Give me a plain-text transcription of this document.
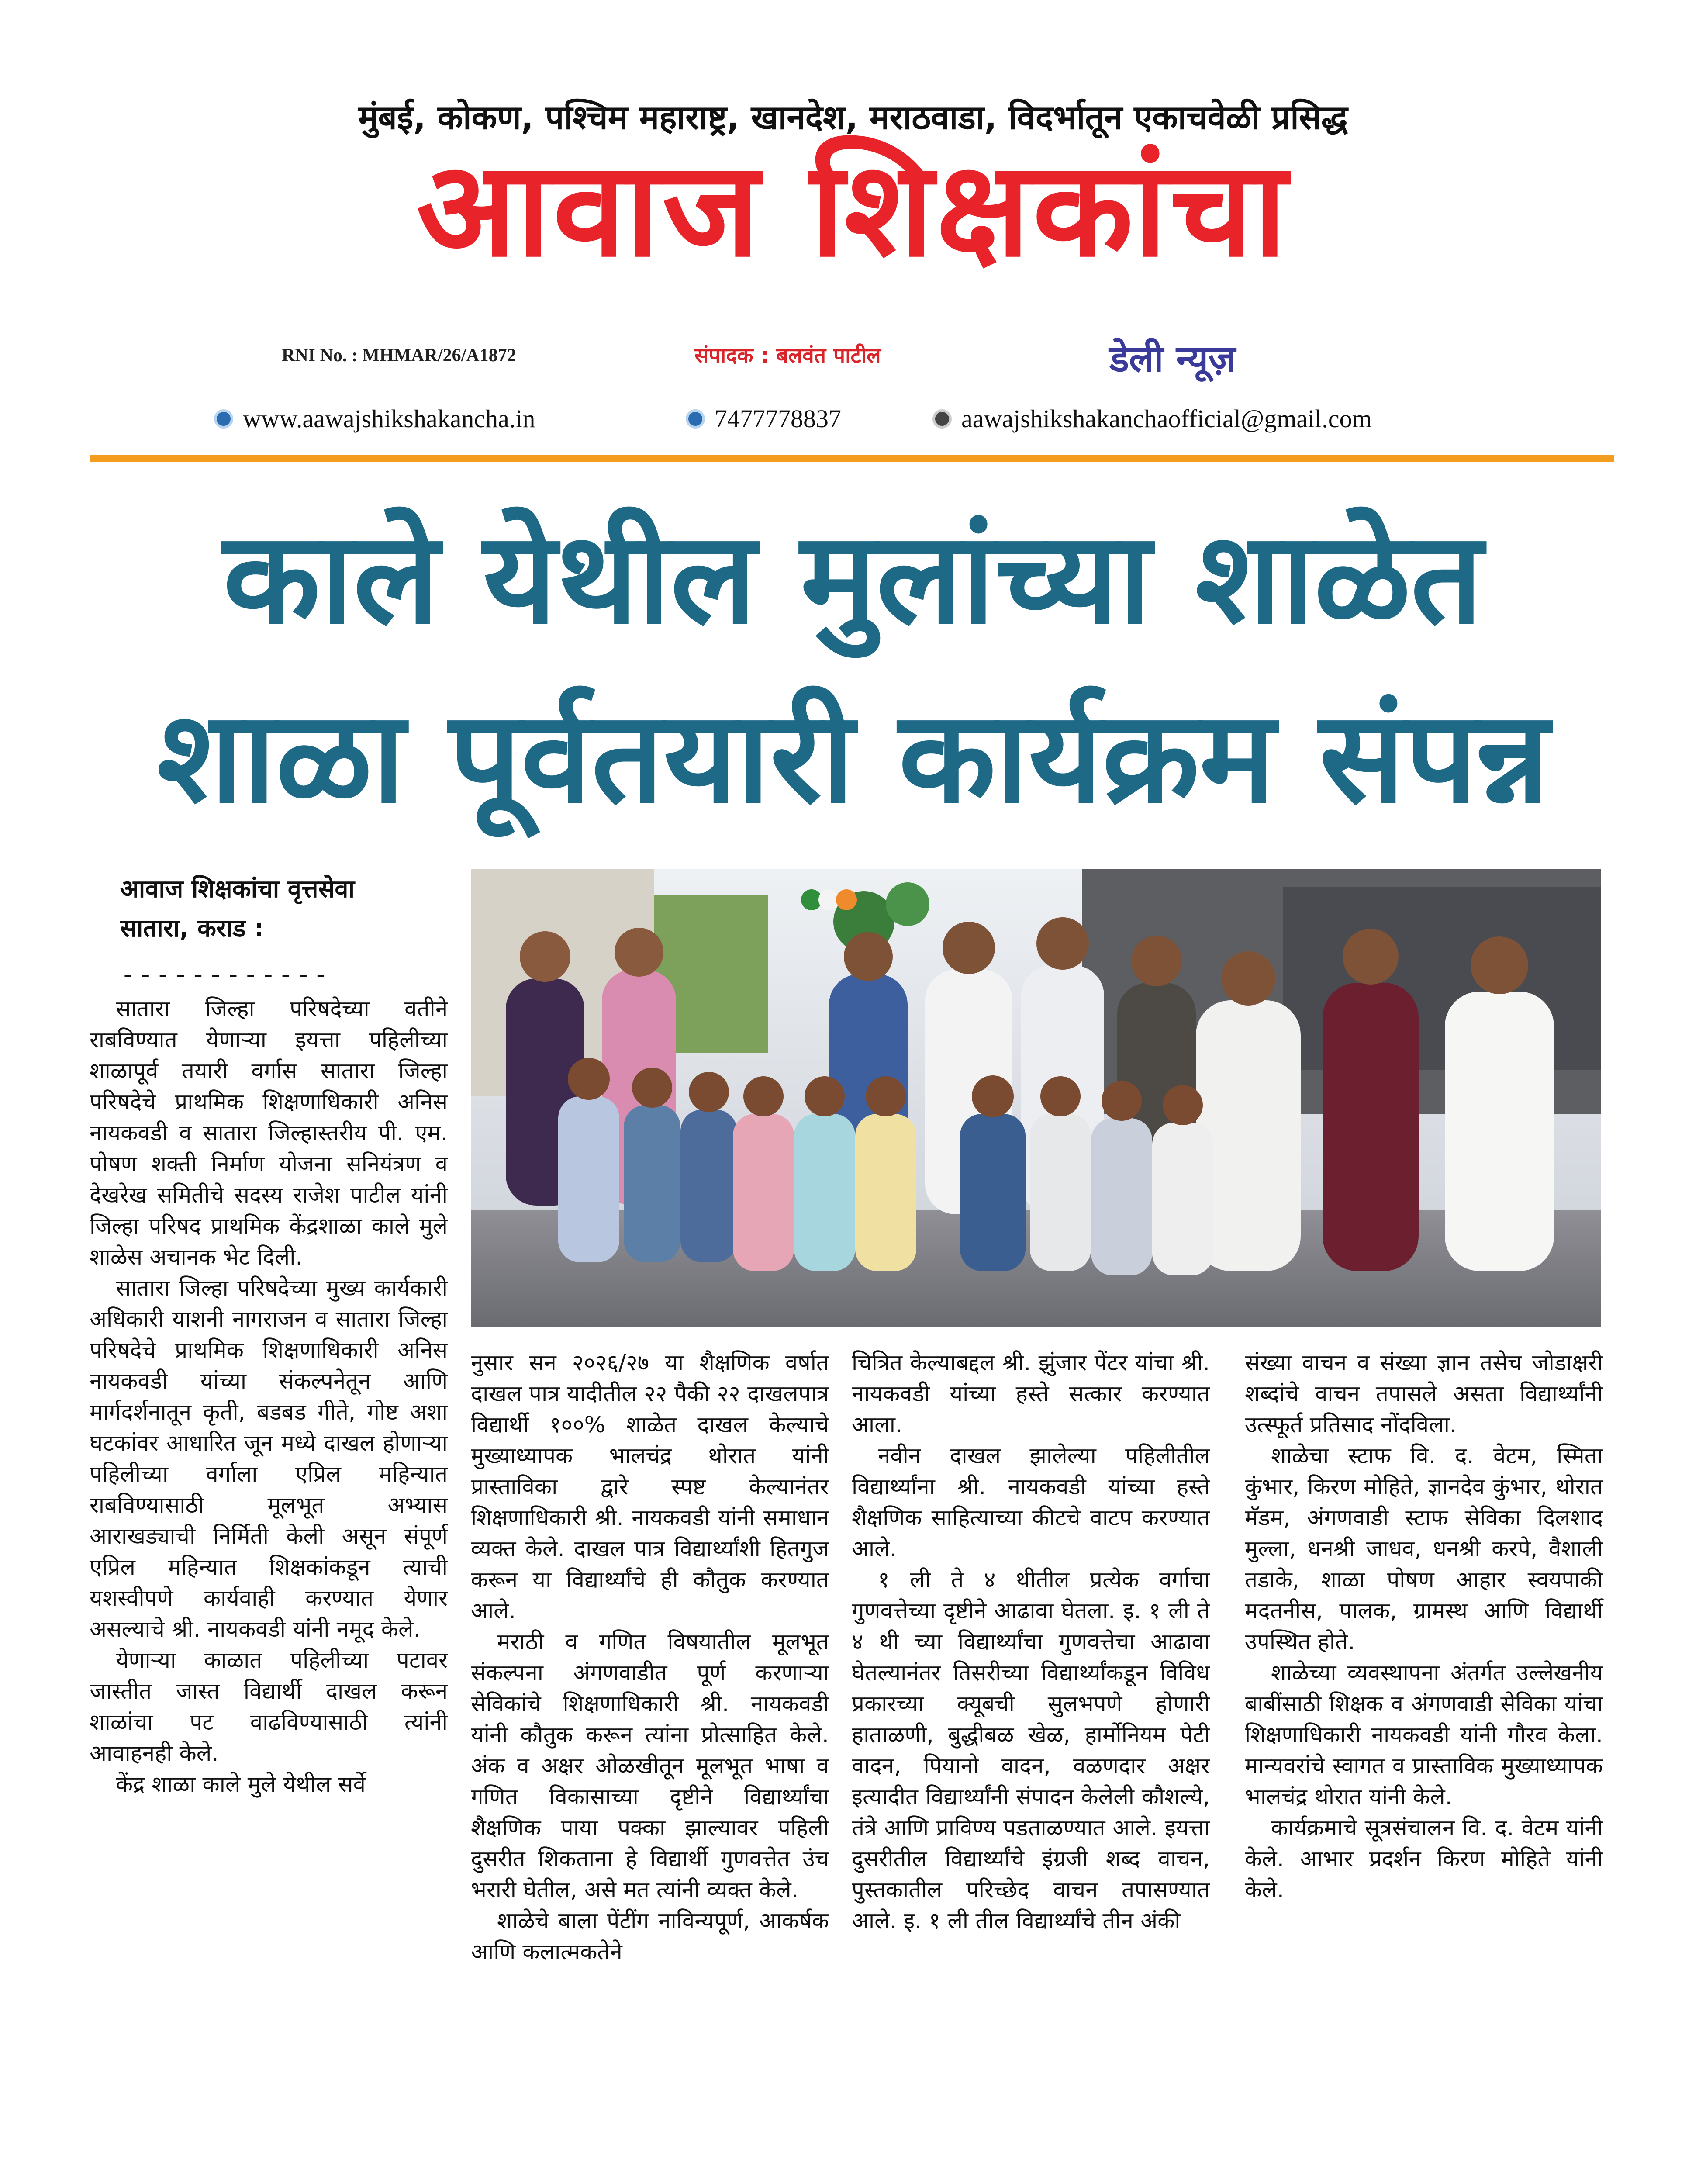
मुंबई, कोकण, पश्चिम महाराष्ट्र, खानदेश, मराठवाडा, विदर्भातून एकाचवेळी प्रसिद्ध
आवाज शिक्षकांचा
RNI No. : MHMAR/26/A1872	संपादक : बलवंत पाटील	डेली न्यूज़
www.aawajshikshakancha.in	7477778837	aawajshikshakanchaofficial@gmail.com
काले येथील मुलांच्या शाळेत
शाळा पूर्वतयारी कार्यक्रम संपन्न
आवाज शिक्षकांचा वृत्तसेवा
सातारा, कराड :
------------

सातारा जिल्हा परिषदेच्या वतीने राबविण्यात येणाऱ्या इयत्ता पहिलीच्या शाळापूर्व तयारी वर्गास सातारा जिल्हा परिषदेचे प्राथमिक शिक्षणाधिकारी अनिस नायकवडी व सातारा जिल्हास्तरीय पी. एम. पोषण शक्ती निर्माण योजना सनियंत्रण व देखरेख समितीचे सदस्य राजेश पाटील यांनी जिल्हा परिषद प्राथमिक केंद्रशाळा काले मुले शाळेस अचानक भेट दिली.

सातारा जिल्हा परिषदेच्या मुख्य कार्यकारी अधिकारी याशनी नागराजन व सातारा जिल्हा परिषदेचे प्राथमिक शिक्षणाधिकारी अनिस नायकवडी यांच्या संकल्पनेतून आणि मार्गदर्शनातून कृती, बडबड गीते, गोष्ट अशा घटकांवर आधारित जून मध्ये दाखल होणाऱ्या पहिलीच्या वर्गाला एप्रिल महिन्यात राबविण्यासाठी मूलभूत अभ्यास आराखड्याची निर्मिती केली असून संपूर्ण एप्रिल महिन्यात शिक्षकांकडून त्याची यशस्वीपणे कार्यवाही करण्यात येणार असल्याचे श्री. नायकवडी यांनी नमूद केले.

येणाऱ्या काळात पहिलीच्या पटावर जास्तीत जास्त विद्यार्थी दाखल करून शाळांचा पट वाढविण्यासाठी त्यांनी आवाहनही केले.

केंद्र शाळा काले मुले येथील सर्वे

नुसार सन २०२६/२७ या शैक्षणिक वर्षात दाखल पात्र यादीतील २२ पैकी २२ दाखलपात्र विद्यार्थी १००% शाळेत दाखल केल्याचे मुख्याध्यापक भालचंद्र थोरात यांनी प्रास्ताविका द्वारे स्पष्ट केल्यानंतर शिक्षणाधिकारी श्री. नायकवडी यांनी समाधान व्यक्त केले. दाखल पात्र विद्यार्थ्यांशी हितगुज करून या विद्यार्थ्यांचे ही कौतुक करण्यात आले.

मराठी व गणित विषयातील मूलभूत संकल्पना अंगणवाडीत पूर्ण करणाऱ्या सेविकांचे शिक्षणाधिकारी श्री. नायकवडी यांनी कौतुक करून त्यांना प्रोत्साहित केले. अंक व अक्षर ओळखीतून मूलभूत भाषा व गणित विकासाच्या दृष्टीने विद्यार्थ्यांचा शैक्षणिक पाया पक्का झाल्यावर पहिली दुसरीत शिकताना हे विद्यार्थी गुणवत्तेत उंच भरारी घेतील, असे मत त्यांनी व्यक्त केले.

शाळेचे बाला पेंटींग नाविन्यपूर्ण, आकर्षक आणि कलात्मकतेने

चित्रित केल्याबद्दल श्री. झुंजार पेंटर यांचा श्री. नायकवडी यांच्या हस्ते सत्कार करण्यात आला.

नवीन दाखल झालेल्या पहिलीतील विद्यार्थ्यांना श्री. नायकवडी यांच्या हस्ते शैक्षणिक साहित्याच्या कीटचे वाटप करण्यात आले.

१ ली ते ४ थीतील प्रत्येक वर्गाचा गुणवत्तेच्या दृष्टीने आढावा घेतला. इ. १ ली ते ४ थी च्या विद्यार्थ्यांचा गुणवत्तेचा आढावा घेतल्यानंतर तिसरीच्या विद्यार्थ्यांकडून विविध प्रकारच्या क्यूबची सुलभपणे होणारी हाताळणी, बुद्धीबळ खेळ, हार्मोनियम पेटी वादन, पियानो वादन, वळणदार अक्षर इत्यादीत विद्यार्थ्यांनी संपादन केलेली कौशल्ये, तंत्रे आणि प्राविण्य पडताळण्यात आले. इयत्ता दुसरीतील विद्यार्थ्यांचे इंग्रजी शब्द वाचन, पुस्तकातील परिच्छेद वाचन तपासण्यात आले. इ. १ ली तील विद्यार्थ्यांचे तीन अंकी

संख्या वाचन व संख्या ज्ञान तसेच जोडाक्षरी शब्दांचे वाचन तपासले असता विद्यार्थ्यांनी उत्स्फूर्त प्रतिसाद नोंदविला.

शाळेचा स्टाफ वि. द. वेटम, स्मिता कुंभार, किरण मोहिते, ज्ञानदेव कुंभार, थोरात मॅडम, अंगणवाडी स्टाफ सेविका दिलशाद मुल्ला, धनश्री जाधव, धनश्री करपे, वैशाली तडाके, शाळा पोषण आहार स्वयपाकी मदतनीस, पालक, ग्रामस्थ आणि विद्यार्थी उपस्थित होते.

शाळेच्या व्यवस्थापना अंतर्गत उल्लेखनीय बाबींसाठी शिक्षक व अंगणवाडी सेविका यांचा शिक्षणाधिकारी नायकवडी यांनी गौरव केला. मान्यवरांचे स्वागत व प्रास्ताविक मुख्याध्यापक भालचंद्र थोरात यांनी केले.

कार्यक्रमाचे सूत्रसंचालन वि. द. वेटम यांनी केले. आभार प्रदर्शन किरण मोहिते यांनी केले.
